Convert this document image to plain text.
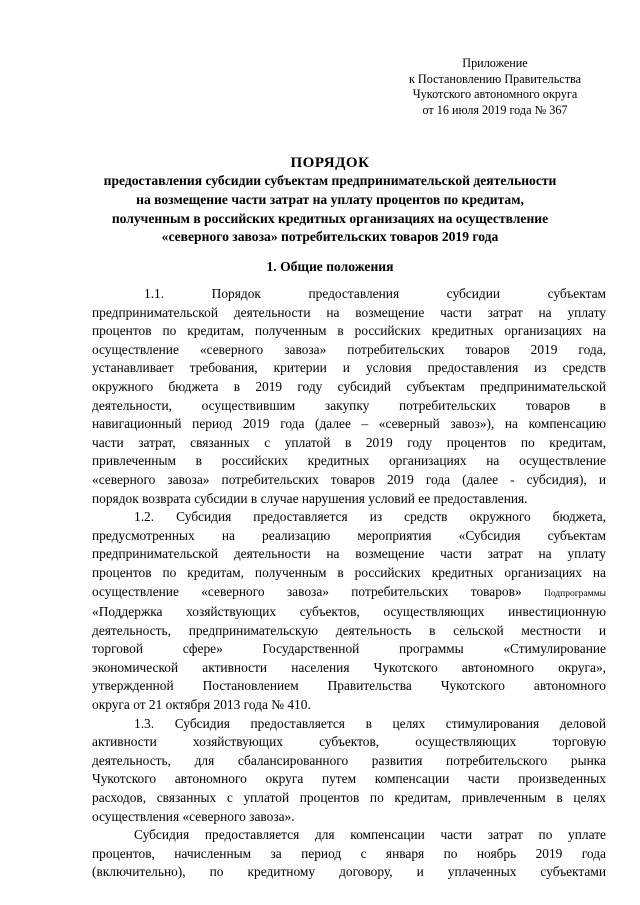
Приложение
к Постановлению Правительства
Чукотского автономного округа
от 16 июля 2019 года № 367
ПОРЯДОК
предоставления субсидии субъектам предпринимательской деятельности
на возмещение части затрат на уплату процентов по кредитам,
полученным в российских кредитных организациях на осуществление
«северного завоза» потребительских товаров 2019 года
1. Общие положения
1.1. Порядок предоставления субсидии субъектам
предпринимательской деятельности на возмещение части затрат на уплату
процентов по кредитам, полученным в российских кредитных организациях на
осуществление «северного завоза» потребительских товаров 2019 года,
устанавливает требования, критерии и условия предоставления из средств
окружного бюджета в 2019 году субсидий субъектам предпринимательской
деятельности, осуществившим закупку потребительских товаров в
навигационный период 2019 года (далее – «северный завоз»), на компенсацию
части затрат, связанных с уплатой в 2019 году процентов по кредитам,
привлеченным в российских кредитных организациях на осуществление
«северного завоза» потребительских товаров 2019 года (далее - субсидия), и
порядок возврата субсидии в случае нарушения условий ее предоставления.
1.2. Субсидия предоставляется из средств окружного бюджета,
предусмотренных на реализацию мероприятия «Субсидия субъектам
предпринимательской деятельности на возмещение части затрат на уплату
процентов по кредитам, полученным в российских кредитных организациях на
осуществление «северного завоза» потребительских товаров» Подпрограммы
«Поддержка хозяйствующих субъектов, осуществляющих инвестиционную
деятельность, предпринимательскую деятельность в сельской местности и
торговой сфере» Государственной программы «Стимулирование
экономической активности населения Чукотского автономного округа»,
утвержденной Постановлением Правительства Чукотского автономного
округа от 21 октября 2013 года № 410.
1.3. Субсидия предоставляется в целях стимулирования деловой
активности хозяйствующих субъектов, осуществляющих торговую
деятельность, для сбалансированного развития потребительского рынка
Чукотского автономного округа путем компенсации части произведенных
расходов, связанных с уплатой процентов по кредитам, привлеченным в целях
осуществления «северного завоза».
Субсидия предоставляется для компенсации части затрат по уплате
процентов, начисленным за период с января по ноябрь 2019 года
(включительно), по кредитному договору, и уплаченных субъектами
